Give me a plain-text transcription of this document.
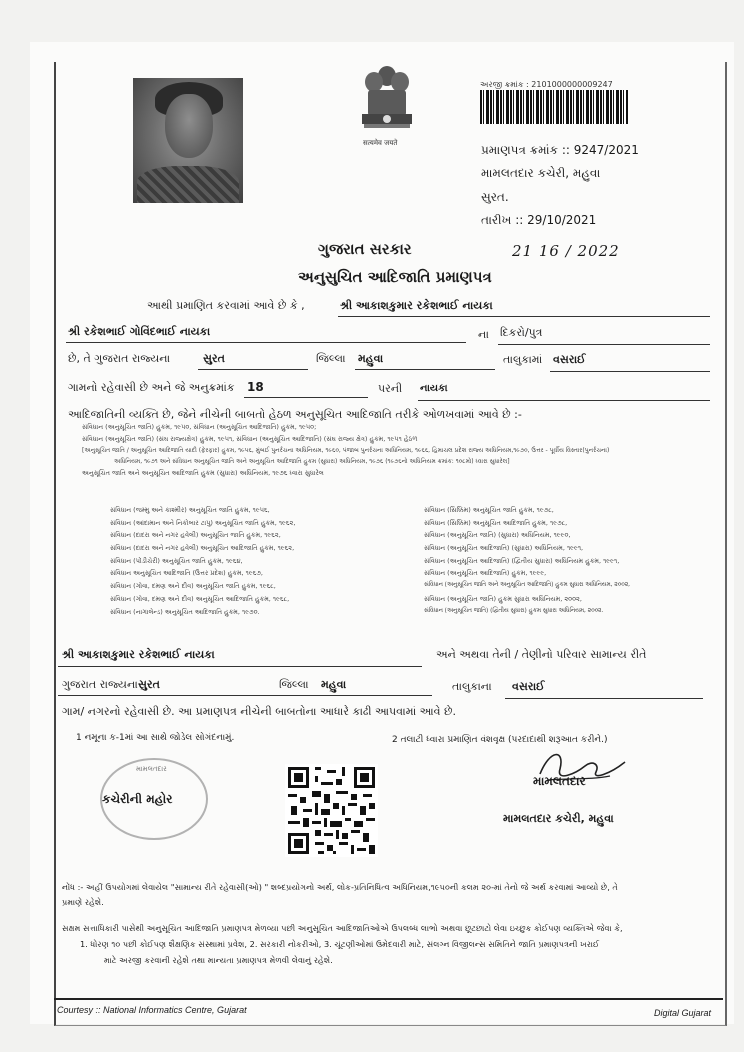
सत्यमेव जयते
અરજી ક્રમાંક : 2101000000009247
પ્રમાણપત્ર ક્રમાંક :: 9247/2021
મામલતદાર કચેરી, મહુવા
સુરત.
તારીખ :: 29/10/2021
21 16 / 2022
ગુજરાત સરકાર
અનુસુચિત આદિજાતિ પ્રમાણપત્ર
આથી પ્રમાણિત કરવામાં આવે છે કે ,	શ્રી આકાશકુમાર રકેશભાઈ નાયકા
શ્રી રકેશભાઈ ગોવિંદભાઈ નાયકા	ના દિકરો/પુત્ર
છે, તે ગુજરાત રાજ્યના	સુરત	જિલ્લા મહુવા	તાલુકામાં વસરાઈ
ગામનો રહેવાસી છે અને જે અનુક્રમાંક 18	પરની નાયકા
આદિજાતિની વ્યક્તિ છે, જેને નીચેની બાબતો હેઠળ અનુસૂચિત આદિજાતિ તરીકે ઓળખવામાં આવે છે :-
સંવિધાન (અનુસૂચિત જાતિ) હુકમ, ૧૯૫૦, સંવિધાન (અનુસૂચિત આદિજાતિ) હુકમ, ૧૯૫૦;
સંવિધાન (અનુસૂચિત જાતિ) (સંઘ રાજ્યક્ષેત્ર) હુકમ, ૧૯૫૧, સંવિધાન (અનુસૂચિત આદિજાતિ) (સંઘ રાજ્ય ક્ષેત્ર) હુકમ, ૧૯૫૧ હેઠળ
[અનુસૂચિત જાતિ / અનુસૂચિત આદિજાતિ યાદી (ફેરફાર) હુકમ, ૧૯૫૬, મુંબઈ પુનર્રચના અધિનિયમ, ૧૯૬૦, પંજાબ પુનર્રચના અધિનિયમ, ૧૯૬૬, હિમાચલ પ્રદેશ રાજ્ય અધિનિયમ,૧૯૭૦, ઉત્તર - પૂર્વીય વિસ્તાર(પુનર્રચના)
અધિનિયમ, ૧૯૭૧ અને સંવિધાન અનુસૂચિત જાતિ અને અનુસૂચિત આદિજાતિ હુકમ (સુધારા) અધિનિયમ, ૧૯૭૬ (૧૯૭૬નો અધિનિયમ ક્રમાંક: ૧૦૮મો) ધ્વારા સુધારેલ]
અનુસૂચિત જાતિ અને અનુસૂચિત આદિજાતિ હુકમ (સુધારા) અધિનિયમ, ૧૯૭૬ ધ્વારા સુધારેલ
સંવિધાન (જમ્મુ અને કાશ્મીર) અનુસૂચિત જાતિ હુકમ, ૧૯૫૬,
સંવિધાન (આંદામાન અને નિકોબાર ટાપુ) અનુસૂચિત જાતિ હુકમ, ૧૯૬૨,
સંવિધાન (દાદરા અને નગર હવેલી) અનુસૂચિત જાતિ હુકમ, ૧૯૬૨,
સંવિધાન (દાદરા અને નગર હવેલી) અનુસૂચિત આદિજાતિ હુકમ, ૧૯૬૨,
સંવિધાન (પોંડીચેરી) અનુસૂચિત જાતિ હુકમ, ૧૯૬૪,
સંવિધાન અનુસૂચિત આદિજાતિ (ઉત્તર પ્રદેશ) હુકમ, ૧૯૬૭,
સંવિધાન (ગોવા, દમણ અને દીવ) અનુસૂચિત જાતિ હુકમ, ૧૯૬૮,
સંવિધાન (ગોવા, દમણ અને દીવ) અનુસૂચિત આદિજાતિ હુકમ, ૧૯૬૮,
સંવિધાન (નાગાલેન્ડ) અનુસૂચિત આદિજાતિ હુકમ, ૧૯૭૦.
સંવિધાન (સિક્કિમ) અનુસૂચિત જાતિ હુકમ, ૧૯૭૮,
સંવિધાન (સિક્કિમ) અનુસૂચિત આદિજાતિ હુકમ, ૧૯૭૮,
સંવિધાન (અનુસૂચિત જાતિ) (સુધારા) અધિનિયમ, ૧૯૯૦,
સંવિધાન (અનુસૂચિત આદિજાતિ) (સુધારા) અધિનિયમ, ૧૯૯૧,
સંવિધાન (અનુસૂચિત આદિજાતિ) (દ્વિતીય સુધારા) અધિનિયમ હુકમ, ૧૯૯૧,
સંવિધાન (અનુસૂચિત આદિજાતિ) હુકમ, ૧૯૯૯,
સંવિધાન (અનુસૂચિત જાતિ અને અનુસૂચિત આદિજાતિ) હુકમ સુધારા અધિનિયમ, ૨૦૦૨,
સંવિધાન (અનુસૂચિત જાતિ) હુકમ સુધારા અધિનિયમ, ૨૦૦૨,
સંવિધાન (અનુસૂચિત જાતિ) (દ્વિતીય સુધારા) હુકમ સુધારા અધિનિયમ, ૨૦૦૨.
શ્રી આકાશકુમાર રકેશભાઈ નાયકા	અને અથવા તેની / તેણીનો પરિવાર સામાન્ય રીતે
ગુજરાત રાજ્યના સુરત	જિલ્લા મહુવા	તાલુકાના વસરાઈ
ગામ/ નગરનો રહેવાસી છે. આ પ્રમાણપત્ર નીચેની બાબતોના આધારે કાઢી આપવામાં આવે છે.
1 નમૂના ક-1માં આ સાથે જોડેલ સોગંદનામું.	2 તલાટી ધ્વારા પ્રમાણિત વંશવૃક્ષ (પરદાદાથી શરૂઆત કરીને.)
મામલતદાર
કચેરીની મહોર
મામલતદાર
મામલતદાર કચેરી, મહુવા
નોંધ :- અહીં ઉપયોગમાં લેવાયેલ "સામાન્ય રીતે રહેવાસી(ઓ) " શબ્દપ્રયોગનો અર્થ, લોક-પ્રતિનિધિત્વ અધિનિયમ,૧૯૫૦ની કલમ ૨૦-માં તેનો જે અર્થ કરવામાં આવ્યો છે, તે
પ્રમાણે રહેશે.
સક્ષમ સત્તાધિકારી પાસેથી અનુસૂચિત આદિજાતિ પ્રમાણપત્ર મેળવ્યા પછી અનુસૂચિત આદિજાતિઓએ ઉપલબ્ધ લાભો અથવા છૂટછાટો લેવા ઇચ્છુક કોઈપણ વ્યક્તિએ જેવા કે,
1. ધોરણ ૧૦ પછી કોઈપણ શૈક્ષણિક સંસ્થામાં પ્રવેશ, 2. સરકારી નોકરીઓ, 3. ચૂંટણીઓમાં ઉમેદવારી માટે, સંલગ્ન વિજીલન્સ સમિતિને જાતિ પ્રમાણપત્રની ખરાઈ
માટે અરજી કરવાની રહેશે તથા માન્યતા પ્રમાણપત્ર મેળવી લેવાનું રહેશે.
Courtesy :: National Informatics Centre, Gujarat	Digital Gujarat
